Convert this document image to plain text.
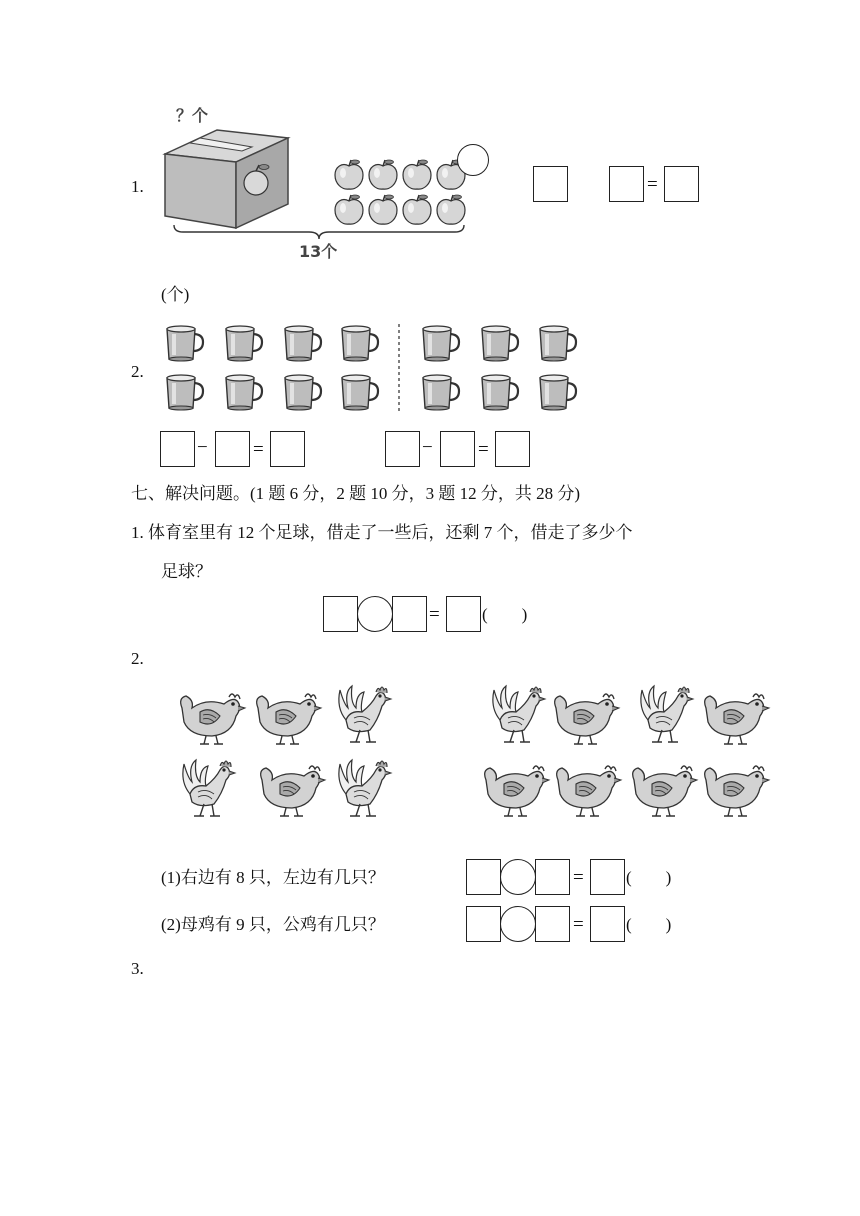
1.
？个
13个
=
(个)
2.
− =	− =
七、解决问题。(1 题 6 分，2 题 10 分，3 题 12 分，共 28 分)
1. 体育室里有 12 个足球，借走了一些后，还剩 7 个，借走了多少个
足球？
= (　　)
2.
(1)右边有 8 只，左边有几只？	= (　　)
(2)母鸡有 9 只，公鸡有几只？	= (　　)
3.
